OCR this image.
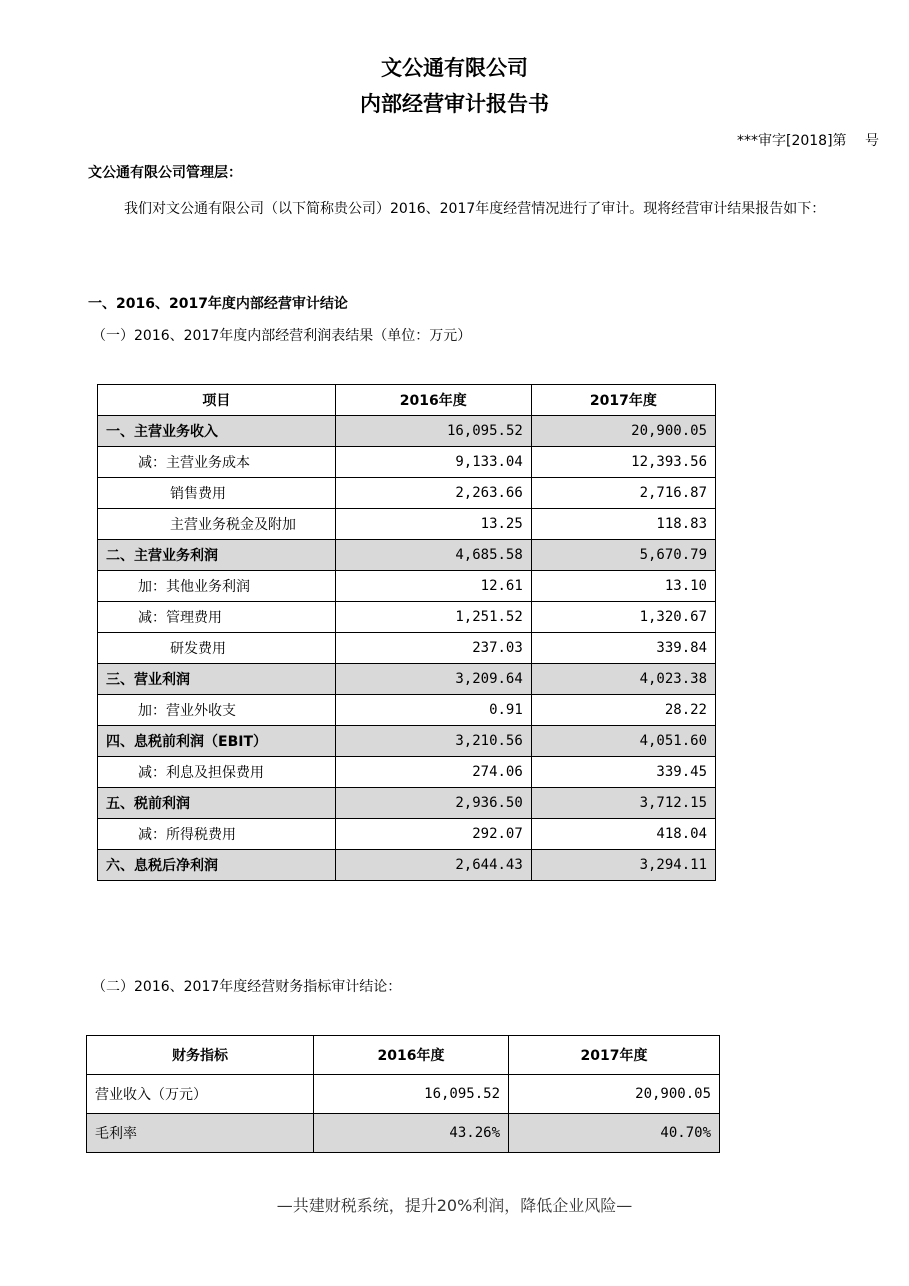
文公通有限公司
内部经营审计报告书
***审字[2018]第　 号
文公通有限公司管理层：
我们对文公通有限公司（以下简称贵公司）2016、2017年度经营情况进行了审计。现将经营审计结果报告如下：
一、2016、2017年度内部经营审计结论
（一）2016、2017年度内部经营利润表结果（单位：万元）
项目	2016年度	2017年度
一、主营业务收入	16,095.52	20,900.05
减：主营业务成本	9,133.04	12,393.56
销售费用	2,263.66	2,716.87
主营业务税金及附加	13.25	118.83
二、主营业务利润	4,685.58	5,670.79
加：其他业务利润	12.61	13.10
减：管理费用	1,251.52	1,320.67
研发费用	237.03	339.84
三、营业利润	3,209.64	4,023.38
加：营业外收支	0.91	28.22
四、息税前利润（EBIT）	3,210.56	4,051.60
减：利息及担保费用	274.06	339.45
五、税前利润	2,936.50	3,712.15
减：所得税费用	292.07	418.04
六、息税后净利润	2,644.43	3,294.11
（二）2016、2017年度经营财务指标审计结论：
财务指标	2016年度	2017年度
营业收入（万元）	16,095.52	20,900.05
毛利率	43.26%	40.70%
—共建财税系统，提升20%利润，降低企业风险—
